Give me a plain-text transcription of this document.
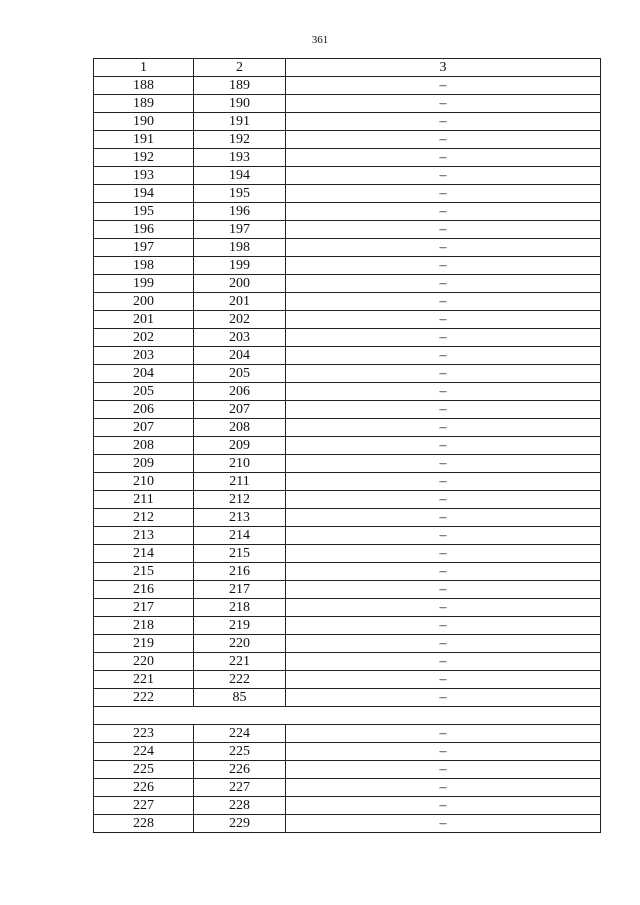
361
1	2	3
188	189	–
189	190	–
190	191	–
191	192	–
192	193	–
193	194	–
194	195	–
195	196	–
196	197	–
197	198	–
198	199	–
199	200	–
200	201	–
201	202	–
202	203	–
203	204	–
204	205	–
205	206	–
206	207	–
207	208	–
208	209	–
209	210	–
210	211	–
211	212	–
212	213	–
213	214	–
214	215	–
215	216	–
216	217	–
217	218	–
218	219	–
219	220	–
220	221	–
221	222	–
222	85	–

223	224	–
224	225	–
225	226	–
226	227	–
227	228	–
228	229	–
